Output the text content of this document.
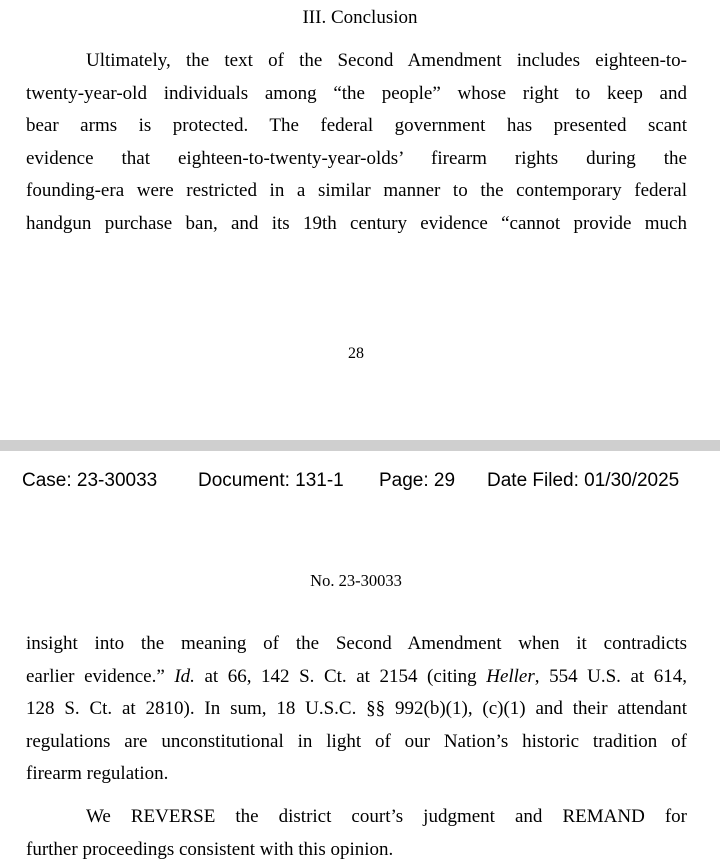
III. Conclusion
Ultimately, the text of the Second Amendment includes eighteen-to-
twenty-year-old individuals among “the people” whose right to keep and
bear arms is protected. The federal government has presented scant
evidence that eighteen-to-twenty-year-olds’ firearm rights during the
founding-era were restricted in a similar manner to the contemporary federal
handgun purchase ban, and its 19th century evidence “cannot provide much
28
Case: 23-30033 Document: 131-1 Page: 29 Date Filed: 01/30/2025
No. 23-30033
insight into the meaning of the Second Amendment when it contradicts
earlier evidence.” Id. at 66, 142 S. Ct. at 2154 (citing Heller, 554 U.S. at 614,
128 S. Ct. at 2810). In sum, 18 U.S.C. §§ 992(b)(1), (c)(1) and their attendant
regulations are unconstitutional in light of our Nation’s historic tradition of
firearm regulation.
We REVERSE the district court’s judgment and REMAND for
further proceedings consistent with this opinion.
